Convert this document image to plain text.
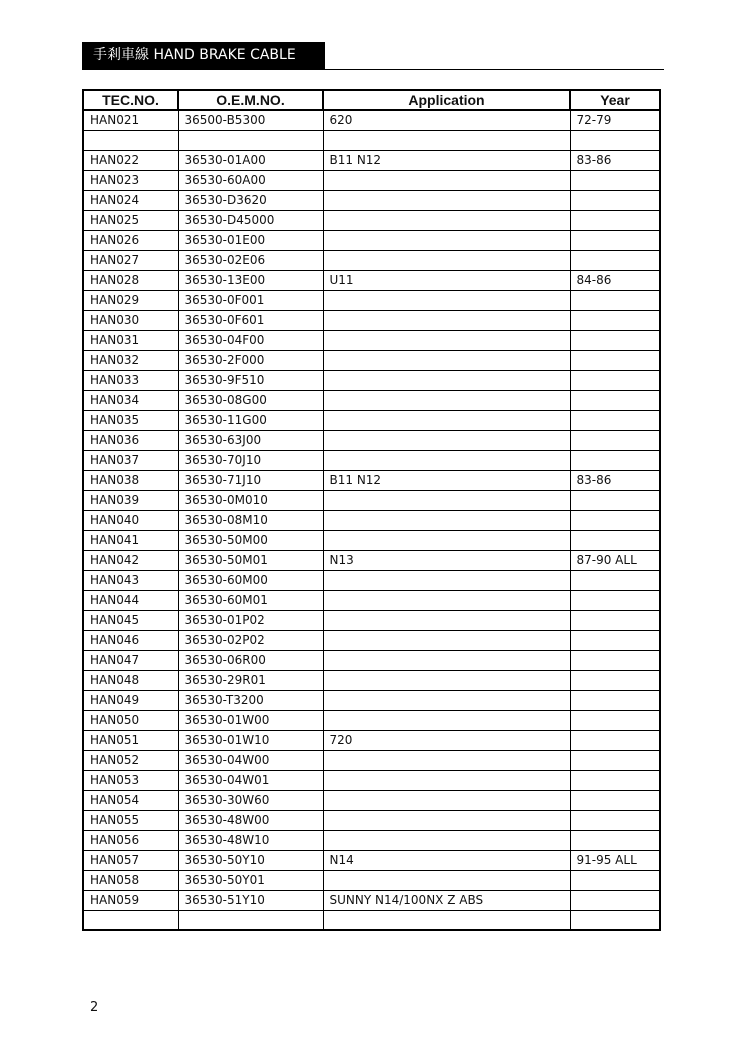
手剎車線 HAND BRAKE CABLE
TEC.NO.	O.E.M.NO.	Application	Year
HAN021	36500-B5300	620	72-79

HAN022	36530-01A00	B11 N12	83-86
HAN023	36530-60A00		
HAN024	36530-D3620		
HAN025	36530-D45000		
HAN026	36530-01E00		
HAN027	36530-02E06		
HAN028	36530-13E00	U11	84-86
HAN029	36530-0F001		
HAN030	36530-0F601		
HAN031	36530-04F00		
HAN032	36530-2F000		
HAN033	36530-9F510		
HAN034	36530-08G00		
HAN035	36530-11G00		
HAN036	36530-63J00		
HAN037	36530-70J10		
HAN038	36530-71J10	B11 N12	83-86
HAN039	36530-0M010		
HAN040	36530-08M10		
HAN041	36530-50M00		
HAN042	36530-50M01	N13	87-90 ALL
HAN043	36530-60M00		
HAN044	36530-60M01		
HAN045	36530-01P02		
HAN046	36530-02P02		
HAN047	36530-06R00		
HAN048	36530-29R01		
HAN049	36530-T3200		
HAN050	36530-01W00		
HAN051	36530-01W10	720	
HAN052	36530-04W00		
HAN053	36530-04W01		
HAN054	36530-30W60		
HAN055	36530-48W00		
HAN056	36530-48W10		
HAN057	36530-50Y10	N14	91-95 ALL
HAN058	36530-50Y01		
HAN059	36530-51Y10	SUNNY N14/100NX Z ABS	

2
